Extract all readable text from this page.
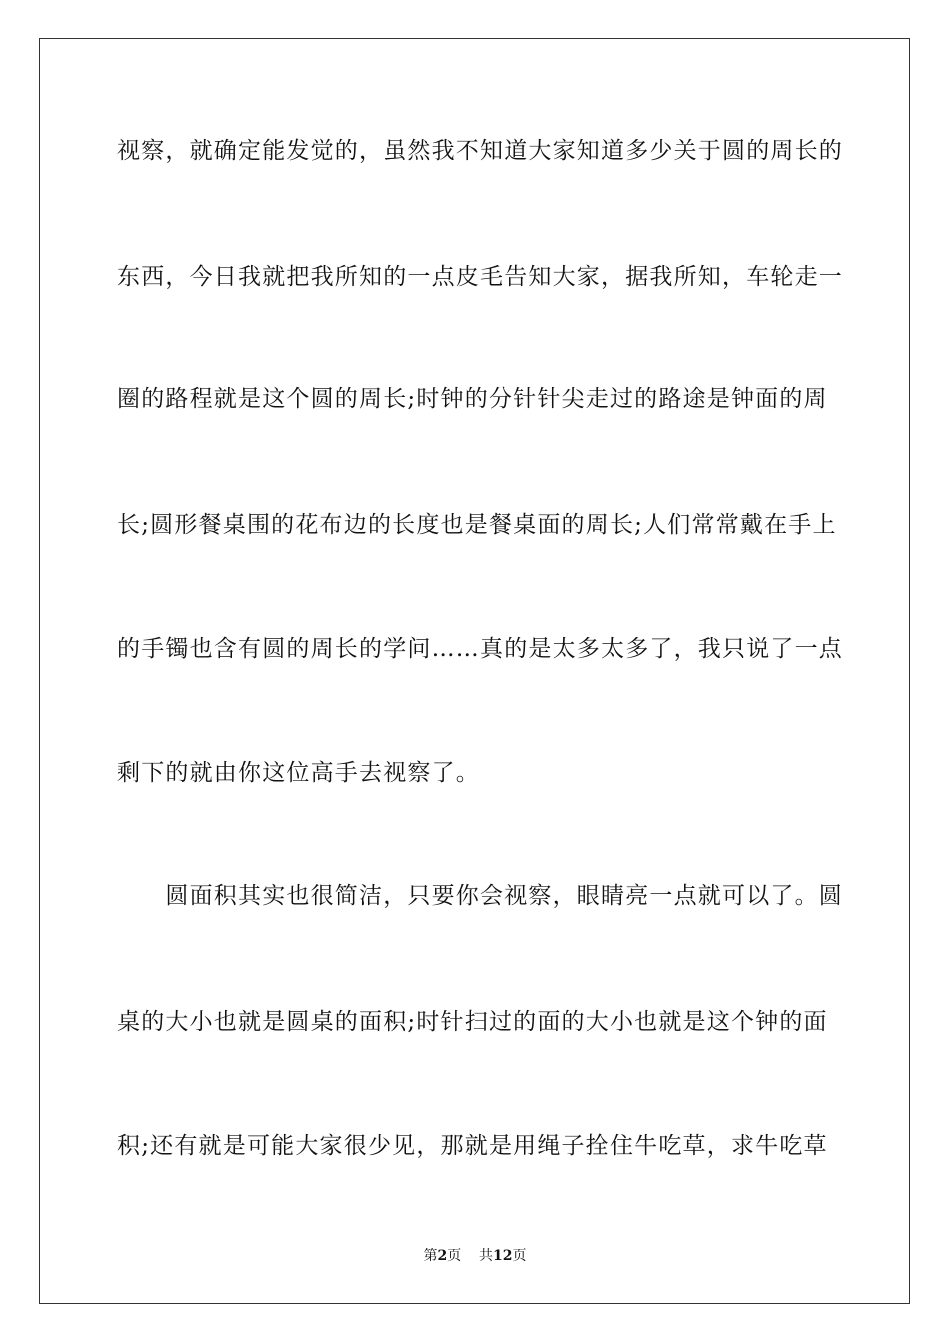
视察，就确定能发觉的，虽然我不知道大家知道多少关于圆的周长的
东西，今日我就把我所知的一点皮毛告知大家，据我所知，车轮走一
圈的路程就是这个圆的周长;时钟的分针针尖走过的路途是钟面的周
长;圆形餐桌围的花布边的长度也是餐桌面的周长;人们常常戴在手上
的手镯也含有圆的周长的学问……真的是太多太多了，我只说了一点
剩下的就由你这位高手去视察了。
　　圆面积其实也很简洁，只要你会视察，眼睛亮一点就可以了。圆
桌的大小也就是圆桌的面积;时针扫过的面的大小也就是这个钟的面
积;还有就是可能大家很少见，那就是用绳子拴住牛吃草，求牛吃草
第2页 共12页
